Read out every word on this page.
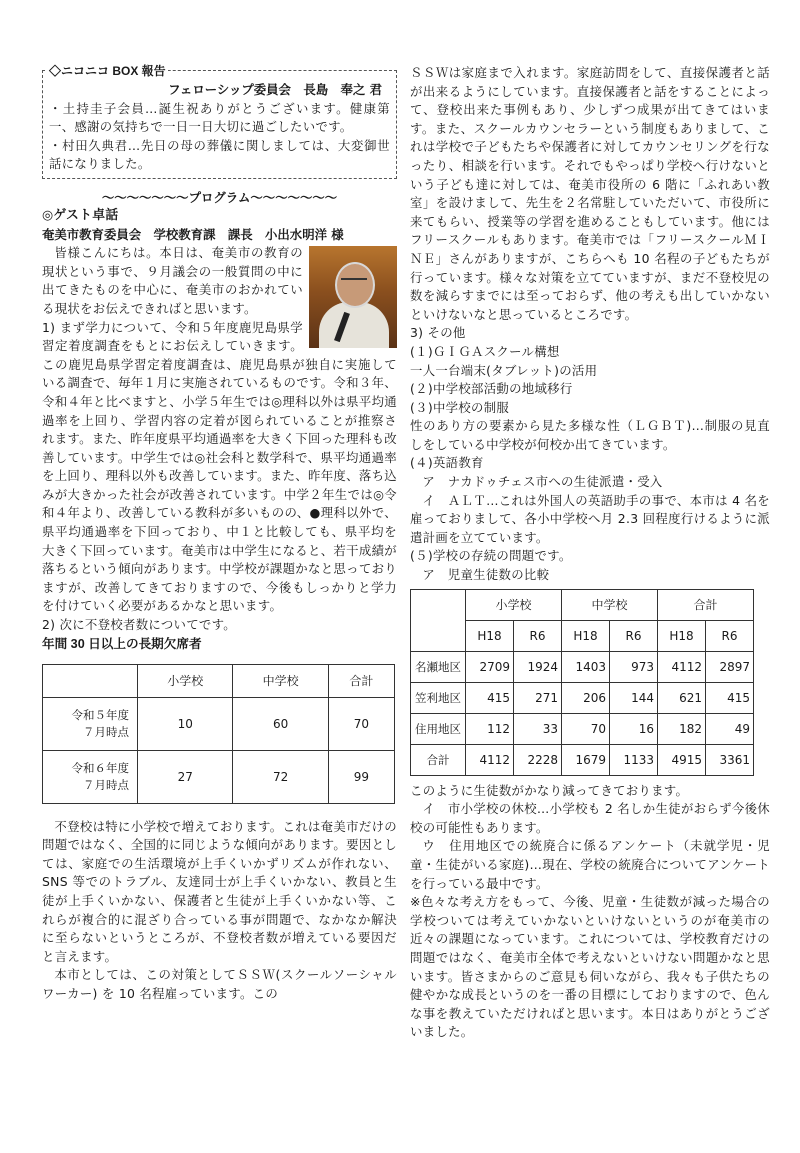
◇ニコニコ BOX 報告
フェローシップ委員会　長島　奉之 君

・土持圭子会員…誕生祝ありがとうございます。健康第一、感謝の気持ちで一日一日大切に過ごしたいです。

・村田久典君…先日の母の葬儀に関しましては、大変御世話になりました。

〜〜〜〜〜〜〜プログラム〜〜〜〜〜〜〜

◎ゲスト卓話

奄美市教育委員会　学校教育課　課長　小出水明洋 様

皆様こんにちは。本日は、奄美市の教育の現状という事で、９月議会の一般質問の中に出てきたものを中心に、奄美市のおかれている現状をお伝えできればと思います。

1) まず学力について、令和５年度鹿児島県学習定着度調査をもとにお伝えしていきます。この鹿児島県学習定着度調査は、鹿児島県が独自に実施している調査で、毎年１月に実施されているものです。令和３年、令和４年と比べますと、小学５年生では◎理科以外は県平均通過率を上回り、学習内容の定着が図られていることが推察されます。また、昨年度県平均通過率を大きく下回った理科も改善しています。中学生では◎社会科と数学科で、県平均通過率を上回り、理科以外も改善しています。また、昨年度、落ち込みが大きかった社会が改善されています。中学２年生では◎令和４年より、改善している教科が多いものの、●理科以外で、県平均通過率を下回っており、中１と比較しても、県平均を大きく下回っています。奄美市は中学生になると、若干成績が落ちるという傾向があります。中学校が課題かなと思っておりますが、改善してきておりますので、今後もしっかりと学力を付けていく必要があるかなと思います。

2) 次に不登校者数についてです。

年間 30 日以上の長期欠席者
	小学校	中学校	合計
令和５年度
７月時点	10	60	70
令和６年度
７月時点	27	72	99

不登校は特に小学校で増えております。これは奄美市だけの問題ではなく、全国的に同じような傾向があります。要因としては、家庭での生活環境が上手くいかずリズムが作れない、SNS 等でのトラブル、友達同士が上手くいかない、教員と生徒が上手くいかない、保護者と生徒が上手くいかない等、これらが複合的に混ざり合っている事が問題で、なかなか解決に至らないというところが、不登校者数が増えている要因だと言えます。

本市としては、この対策としてＳＳＷ(スクールソーシャルワーカー) を 10 名程雇っています。この

ＳＳＷは家庭まで入れます。家庭訪問をして、直接保護者と話が出来るようにしています。直接保護者と話をすることによって、登校出来た事例もあり、少しずつ成果が出てきてはいます。また、スクールカウンセラーという制度もありまして、これは学校で子どもたちや保護者に対してカウンセリングを行なったり、相談を行います。それでもやっぱり学校へ行けないという子ども達に対しては、奄美市役所の 6 階に「ふれあい教室」を設けまして、先生を２名常駐していただいて、市役所に来てもらい、授業等の学習を進めることもしています。他にはフリースクールもあります。奄美市では「フリースクールＭＩＮＥ」さんがありますが、こちらへも 10 名程の子どもたちが行っています。様々な対策を立てていますが、まだ不登校児の数を減らすまでには至っておらず、他の考えも出していかないといけないなと思っているところです。

3) その他

(１)ＧＩＧＡスクール構想

一人一台端末(タブレット)の活用

(２)中学校部活動の地域移行

(３)中学校の制服

性のあり方の要素から見た多様な性（ＬＧＢＴ)…制服の見直しをしている中学校が何校か出てきています。

(４)英語教育

ア　ナカドゥチェス市への生徒派遣・受入

イ　ＡＬＴ…これは外国人の英語助手の事で、本市は 4 名を雇っておりまして、各小中学校へ月 2.3 回程度行けるように派遣計画を立てています。

(５)学校の存続の問題です。

ア　児童生徒数の比較

	小学校		中学校		合計	
	H18	R6	H18	R6	H18	R6
名瀬地区	2709	1924	1403	973	4112	2897
笠利地区	415	271	206	144	621	415
住用地区	112	33	70	16	182	49
合計	4112	2228	1679	1133	4915	3361

このように生徒数がかなり減ってきております。

イ　市小学校の休校…小学校も 2 名しか生徒がおらず今後休校の可能性もあります。

ウ　住用地区での統廃合に係るアンケート（未就学児・児童・生徒がいる家庭)…現在、学校の統廃合についてアンケートを行っている最中です。

※色々な考え方をもって、今後、児童・生徒数が減った場合の学校ついては考えていかないといけないというのが奄美市の近々の課題になっています。これについては、学校教育だけの問題ではなく、奄美市全体で考えないといけない問題かなと思います。皆さまからのご意見も伺いながら、我々も子供たちの健やかな成長というのを一番の目標にしておりますので、色んな事を教えていただければと思います。本日はありがとうございました。
